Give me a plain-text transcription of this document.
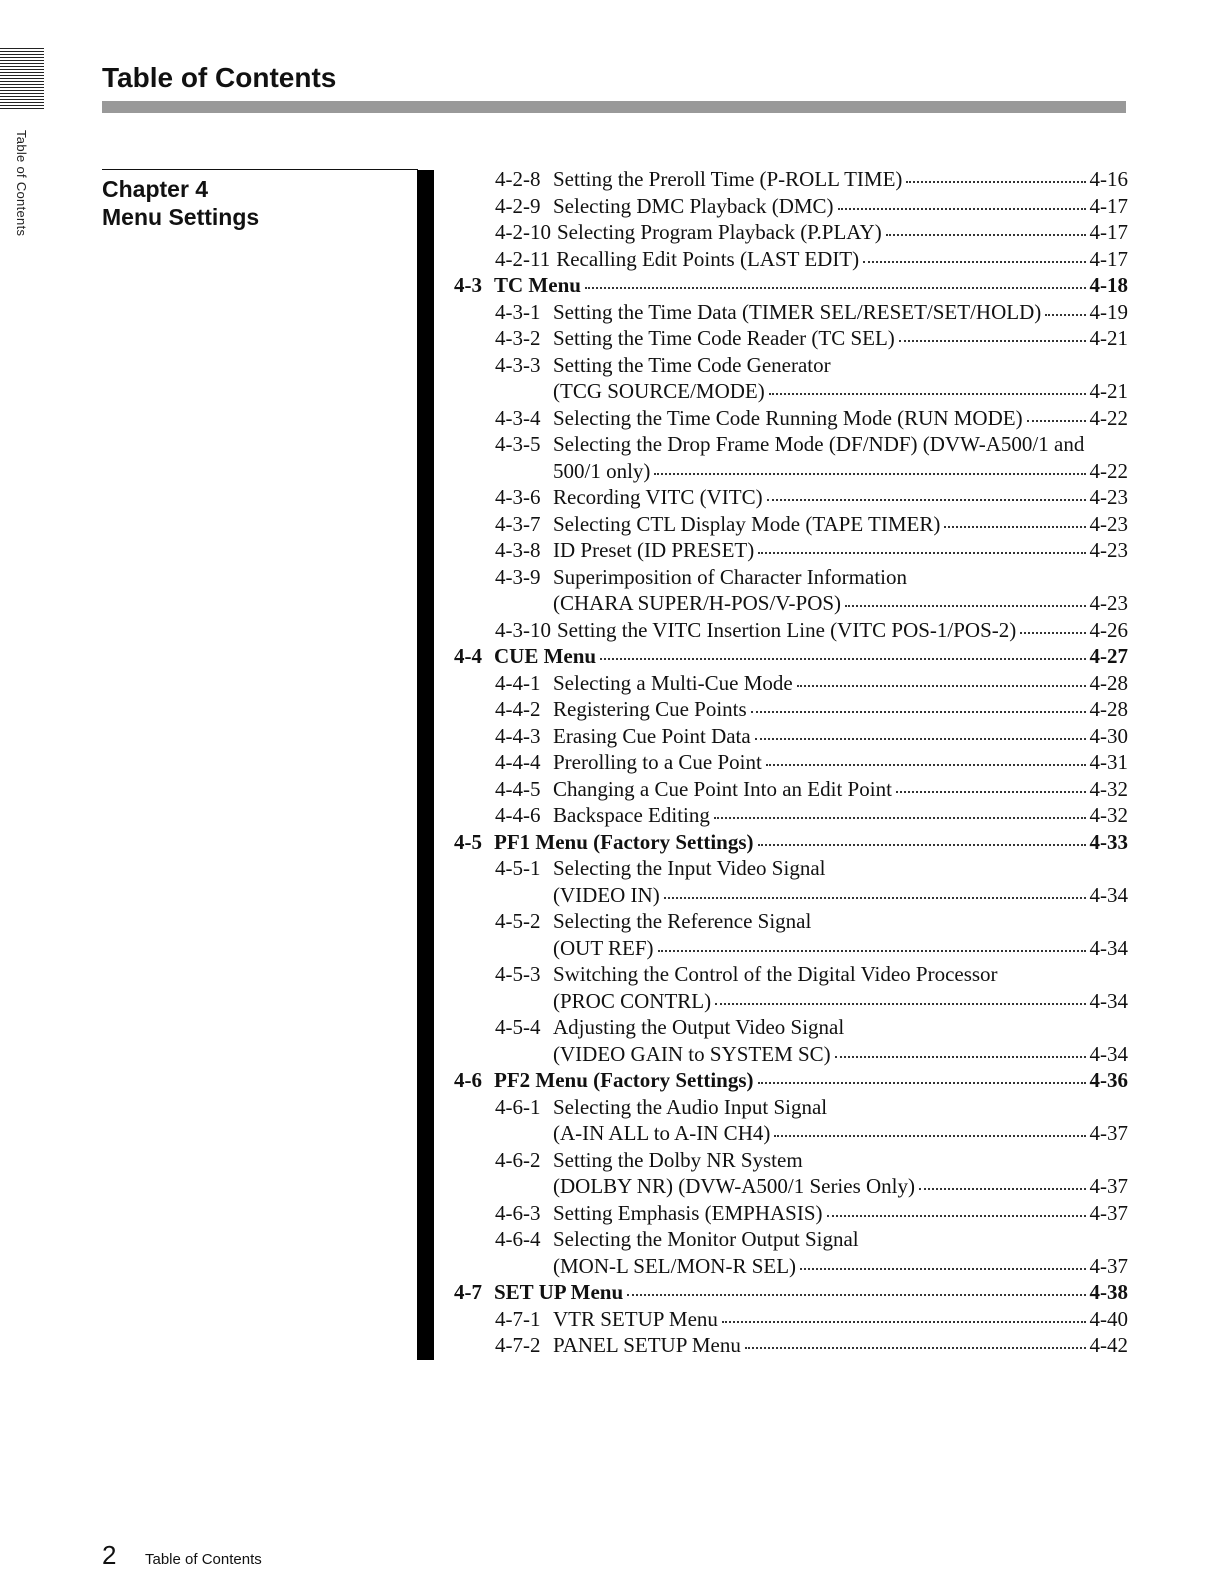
Table of Contents
Table of Contents
Chapter 4
Menu Settings
4-2-8 Setting the Preroll Time (P-ROLL TIME)	4-16
4-2-9 Selecting DMC Playback (DMC)	4-17
4-2-10 Selecting Program Playback (P.PLAY)	4-17
4-2-11 Recalling Edit Points (LAST EDIT)	4-17
4-3 TC Menu	4-18
4-3-1 Setting the Time Data (TIMER SEL/RESET/SET/HOLD) 4-19
4-3-2 Setting the Time Code Reader (TC SEL)	4-21
4-3-3 Setting the Time Code Generator
(TCG SOURCE/MODE)	4-21
4-3-4 Selecting the Time Code Running Mode (RUN MODE)	4-22
4-3-5 Selecting the Drop Frame Mode (DF/NDF) (DVW-A500/1 and
500/1 only)	4-22
4-3-6 Recording VITC (VITC)	4-23
4-3-7 Selecting CTL Display Mode (TAPE TIMER)	4-23
4-3-8 ID Preset (ID PRESET)	4-23
4-3-9 Superimposition of Character Information
(CHARA SUPER/H-POS/V-POS)	4-23
4-3-10 Setting the VITC Insertion Line (VITC POS-1/POS-2)	4-26
4-4 CUE Menu	4-27
4-4-1 Selecting a Multi-Cue Mode	4-28
4-4-2 Registering Cue Points	4-28
4-4-3 Erasing Cue Point Data	4-30
4-4-4 Prerolling to a Cue Point	4-31
4-4-5 Changing a Cue Point Into an Edit Point	4-32
4-4-6 Backspace Editing	4-32
4-5 PF1 Menu (Factory Settings)	4-33
4-5-1 Selecting the Input Video Signal
(VIDEO IN)	4-34
4-5-2 Selecting the Reference Signal
(OUT REF)	4-34
4-5-3 Switching the Control of the Digital Video Processor
(PROC CONTRL)	4-34
4-5-4 Adjusting the Output Video Signal
(VIDEO GAIN to SYSTEM SC)	4-34
4-6 PF2 Menu (Factory Settings)	4-36
4-6-1 Selecting the Audio Input Signal
(A-IN ALL to A-IN CH4)	4-37
4-6-2 Setting the Dolby NR System
(DOLBY NR) (DVW-A500/1 Series Only)	4-37
4-6-3 Setting Emphasis (EMPHASIS)	4-37
4-6-4 Selecting the Monitor Output Signal
(MON-L SEL/MON-R SEL)	4-37
4-7 SET UP Menu	4-38
4-7-1 VTR SETUP Menu	4-40
4-7-2 PANEL SETUP Menu	4-42
2 Table of Contents
